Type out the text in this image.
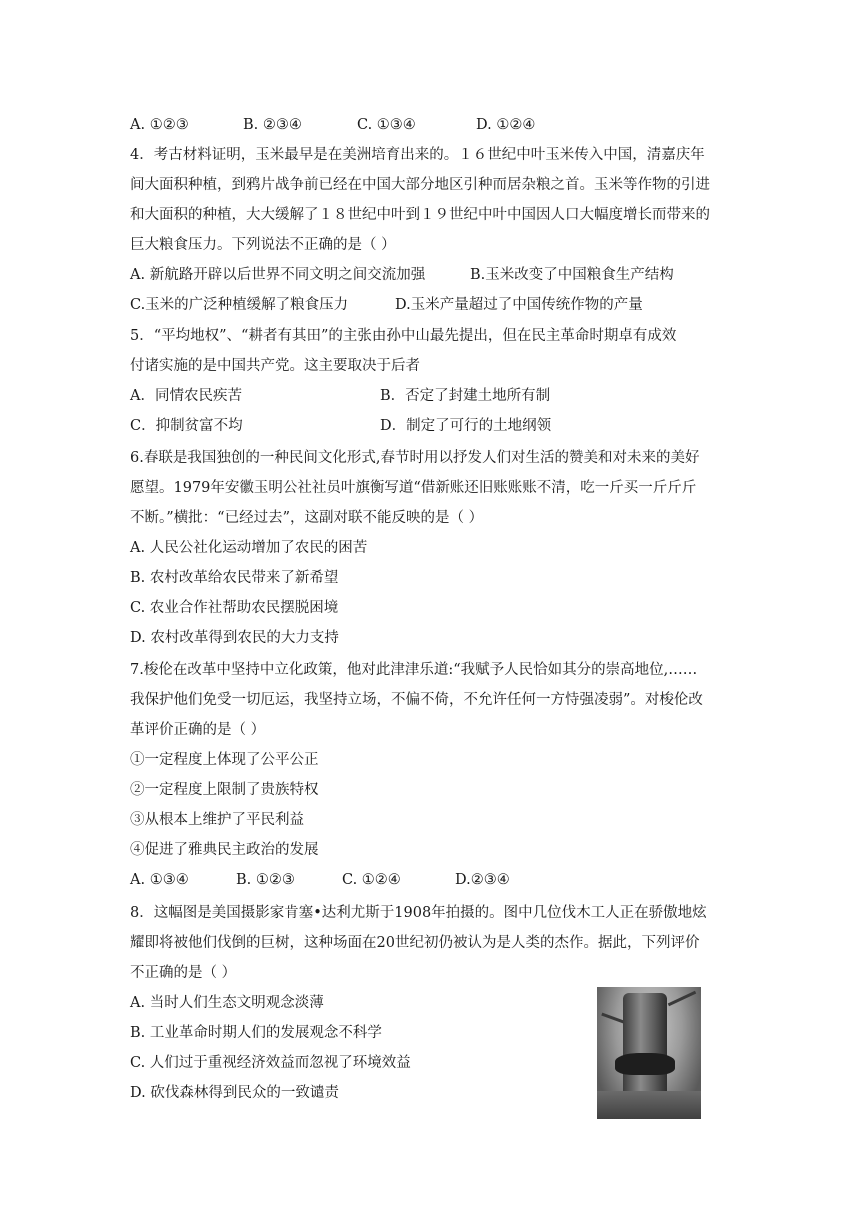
A. ①②③	B. ②③④	C. ①③④	D. ①②④
4．考古材料证明，玉米最早是在美洲培育出来的。１６世纪中叶玉米传入中国，清嘉庆年
间大面积种植，到鸦片战争前已经在中国大部分地区引种而居杂粮之首。玉米等作物的引进
和大面积的种植，大大缓解了１８世纪中叶到１９世纪中叶中国因人口大幅度增长而带来的
巨大粮食压力。下列说法不正确的是（ ）
A. 新航路开辟以后世界不同文明之间交流加强	B.玉米改变了中国粮食生产结构
C.玉米的广泛种植缓解了粮食压力	D.玉米产量超过了中国传统作物的产量
5．“平均地权”、“耕者有其田”的主张由孙中山最先提出，但在民主革命时期卓有成效
付诸实施的是中国共产党。这主要取决于后者
A．同情农民疾苦	B．否定了封建土地所有制
C．抑制贫富不均	D．制定了可行的土地纲领
6.春联是我国独创的一种民间文化形式,春节时用以抒发人们对生活的赞美和对未来的美好
愿望。1979年安徽玉明公社社员叶旗衡写道“借新账还旧账账账不清，吃一斤买一斤斤斤
不断。”横批：“已经过去”，这副对联不能反映的是（ ）
A. 人民公社化运动增加了农民的困苦
B. 农村改革给农民带来了新希望
C. 农业合作社帮助农民摆脱困境
D. 农村改革得到农民的大力支持
7.梭伦在改革中坚持中立化政策，他对此津津乐道:“我赋予人民恰如其分的崇高地位,……
我保护他们免受一切厄运，我坚持立场，不偏不倚，不允许任何一方恃强凌弱”。对梭伦改
革评价正确的是（ ）
①一定程度上体现了公平公正
②一定程度上限制了贵族特权
③从根本上维护了平民利益
④促进了雅典民主政治的发展
A. ①③④	B. ①②③	C. ①②④	D.②③④
8．这幅图是美国摄影家肯塞•达利尤斯于1908年拍摄的。图中几位伐木工人正在骄傲地炫
耀即将被他们伐倒的巨树，这种场面在20世纪初仍被认为是人类的杰作。据此，下列评价
不正确的是（ ）
A. 当时人们生态文明观念淡薄
B. 工业革命时期人们的发展观念不科学
C. 人们过于重视经济效益而忽视了环境效益
D. 砍伐森林得到民众的一致谴责
